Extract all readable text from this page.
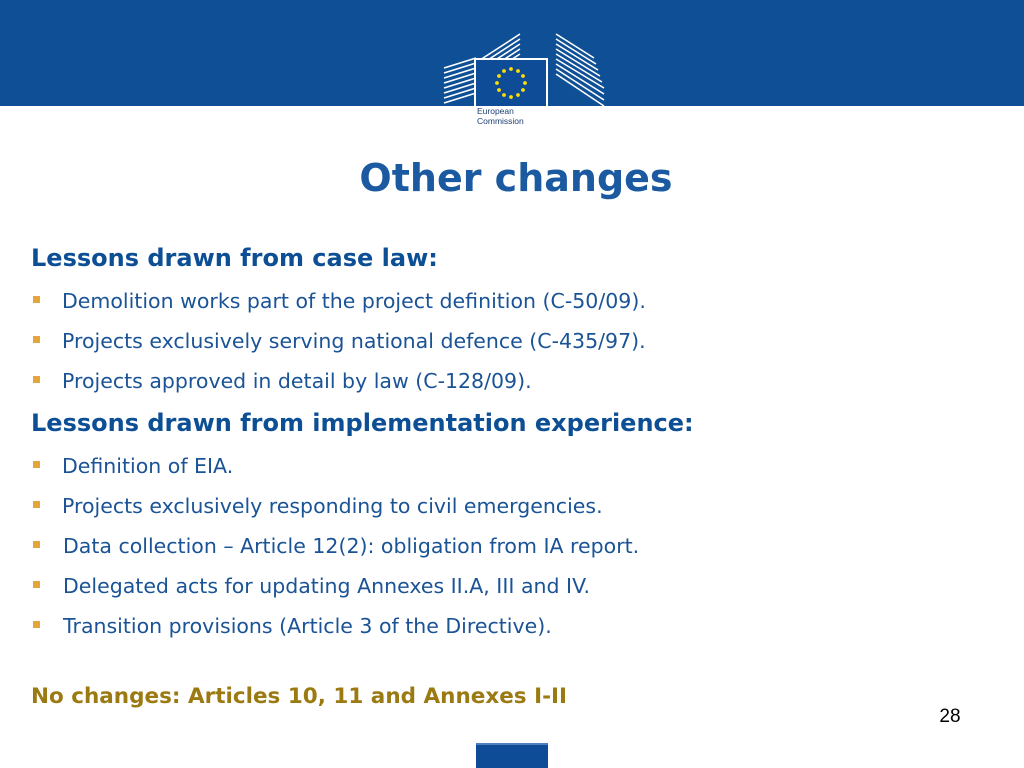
European
Commission
Other changes
Lessons drawn from case law:
Demolition works part of the project definition (C-50/09).
Projects exclusively serving national defence (C-435/97).
Projects approved in detail by law (C-128/09).
Lessons drawn from implementation experience:
Definition of EIA.
Projects exclusively responding to civil emergencies.
Data collection – Article 12(2): obligation from IA report.
Delegated acts for updating Annexes II.A, III and IV.
Transition provisions (Article 3 of the Directive).

No changes: Articles 10, 11 and Annexes I-II

28
